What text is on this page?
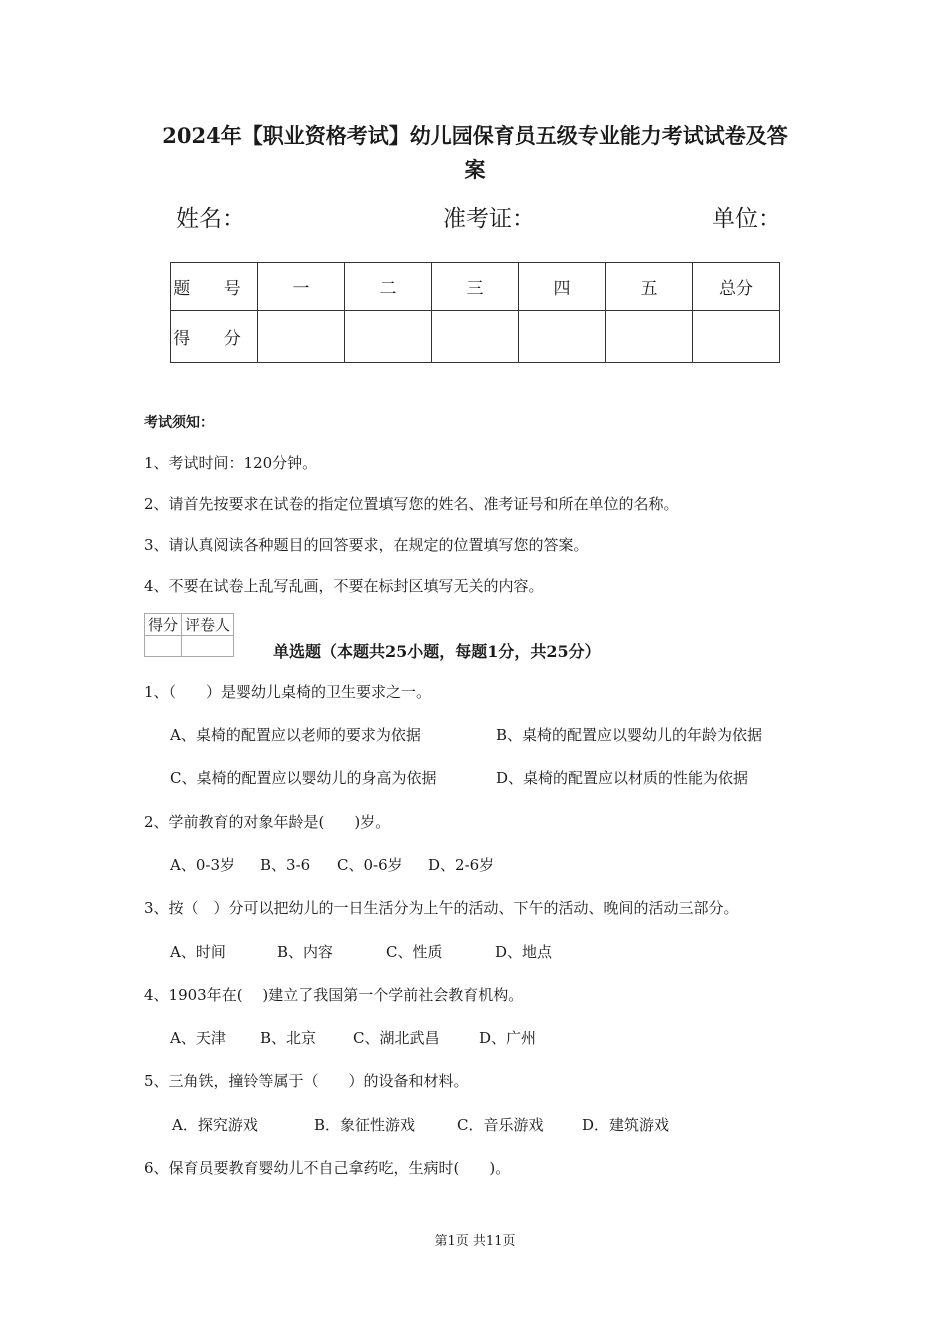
2024年【职业资格考试】幼儿园保育员五级专业能力考试试卷及答
案
姓名：	准考证：	单位：
题 号	一	二	三	四	五	总分
得 分						
考试须知：
1、考试时间：120分钟。
2、请首先按要求在试卷的指定位置填写您的姓名、准考证号和所在单位的名称。
3、请认真阅读各种题目的回答要求，在规定的位置填写您的答案。
4、不要在试卷上乱写乱画，不要在标封区填写无关的内容。
得分	评卷人

单选题（本题共25小题，每题1分，共25分）
1、（　　）是婴幼儿桌椅的卫生要求之一。
A、桌椅的配置应以老师的要求为依据	B、桌椅的配置应以婴幼儿的年龄为依据
C、桌椅的配置应以婴幼儿的身高为依据	D、桌椅的配置应以材质的性能为依据
2、学前教育的对象年龄是(　　)岁。
A、0-3岁 B、3-6 C、0-6岁 D、2-6岁
3、按（　）分可以把幼儿的一日生活分为上午的活动、下午的活动、晚间的活动三部分。
A、时间	B、内容	C、性质	D、地点
4、1903年在(　 )建立了我国第一个学前社会教育机构。
A、天津 B、北京 C、湖北武昌	D、广州
5、三角铁，撞铃等属于（　　）的设备和材料。
A．探究游戏	B．象征性游戏	C．音乐游戏	D．建筑游戏
6、保育员要教育婴幼儿不自己拿药吃，生病时(　　)。
第1页 共11页
